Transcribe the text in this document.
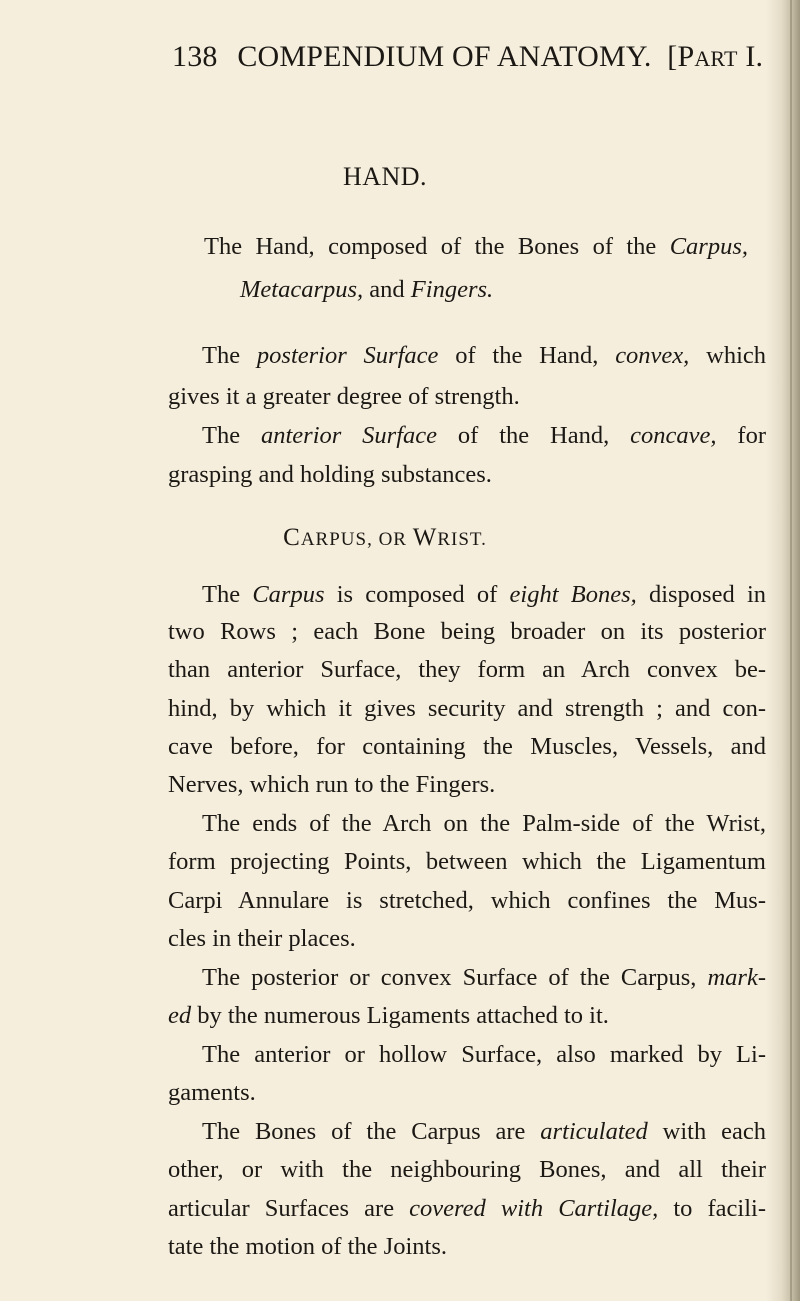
138 COMPENDIUM OF ANATOMY. [PART I.
HAND.
The Hand, composed of the Bones of the Carpus,
Metacarpus, and Fingers.
The posterior Surface of the Hand, convex, which
gives it a greater degree of strength.
The anterior Surface of the Hand, concave, for
grasping and holding substances.
CARPUS, OR WRIST.
The Carpus is composed of eight Bones, disposed in
two Rows ; each Bone being broader on its posterior
than anterior Surface, they form an Arch convex be-
hind, by which it gives security and strength ; and con-
cave before, for containing the Muscles, Vessels, and
Nerves, which run to the Fingers.
The ends of the Arch on the Palm-side of the Wrist,
form projecting Points, between which the Ligamentum
Carpi Annulare is stretched, which confines the Mus-
cles in their places.
The posterior or convex Surface of the Carpus, mark-
ed by the numerous Ligaments attached to it.
The anterior or hollow Surface, also marked by Li-
gaments.
The Bones of the Carpus are articulated with each
other, or with the neighbouring Bones, and all their
articular Surfaces are covered with Cartilage, to facili-
tate the motion of the Joints.
